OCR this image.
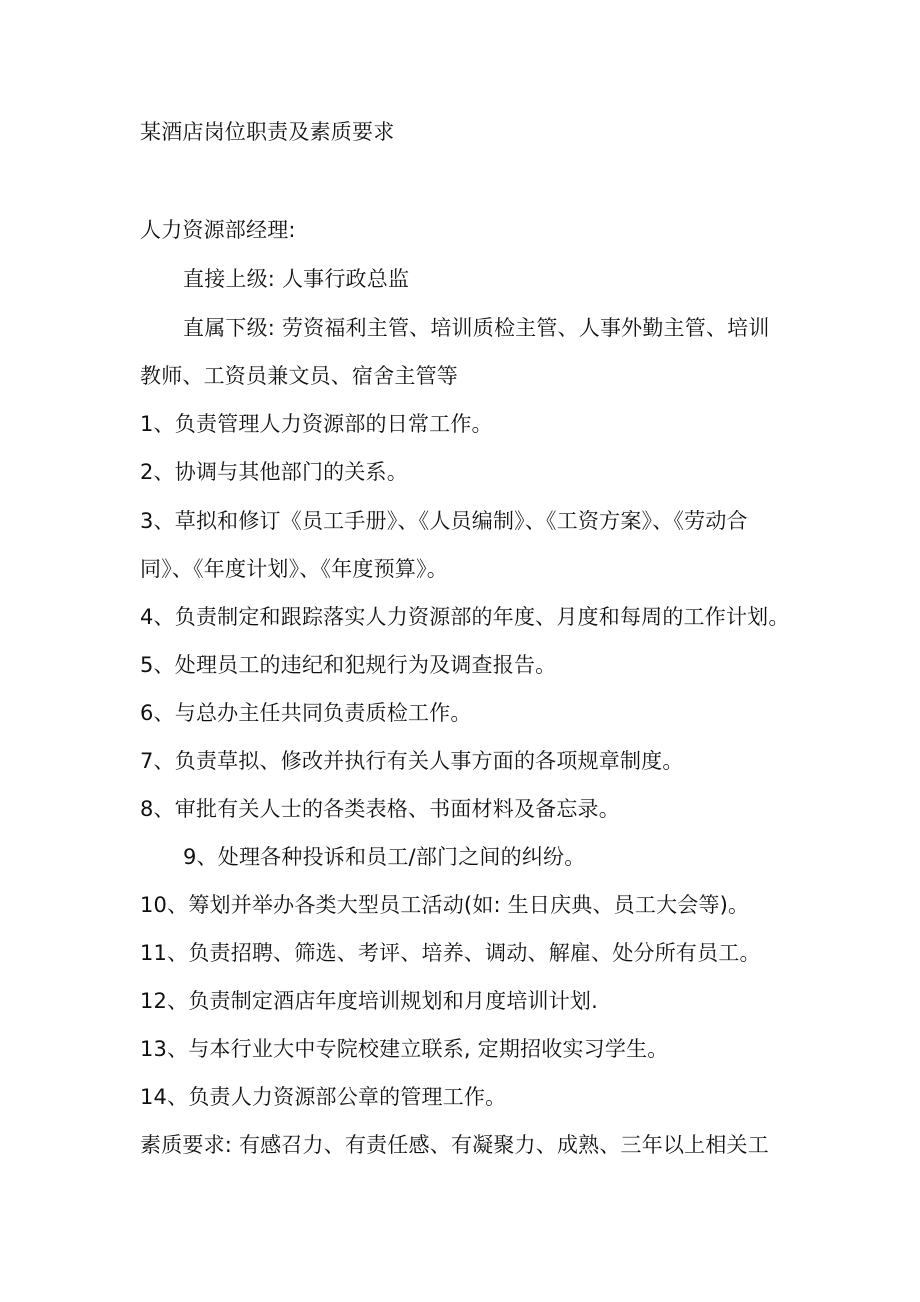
某酒店岗位职责及素质要求
人力资源部经理:
直接上级: 人事行政总监
直属下级: 劳资福利主管、培训质检主管、人事外勤主管、培训
教师、工资员兼文员、宿舍主管等
1、负责管理人力资源部的日常工作。
2、协调与其他部门的关系。
3、草拟和修订《员工手册》、《人员编制》、《工资方案》、《劳动合
同》、《年度计划》、《年度预算》。
4、负责制定和跟踪落实人力资源部的年度、月度和每周的工作计划。
5、处理员工的违纪和犯规行为及调查报告。
6、与总办主任共同负责质检工作。
7、负责草拟、修改并执行有关人事方面的各项规章制度。
8、审批有关人士的各类表格、书面材料及备忘录。
9、处理各种投诉和员工/部门之间的纠纷。
10、筹划并举办各类大型员工活动(如: 生日庆典、员工大会等)。
11、负责招聘、筛选、考评、培养、调动、解雇、处分所有员工。
12、负责制定酒店年度培训规划和月度培训计划.
13、与本行业大中专院校建立联系, 定期招收实习学生。
14、负责人力资源部公章的管理工作。
素质要求: 有感召力、有责任感、有凝聚力、成熟、三年以上相关工
